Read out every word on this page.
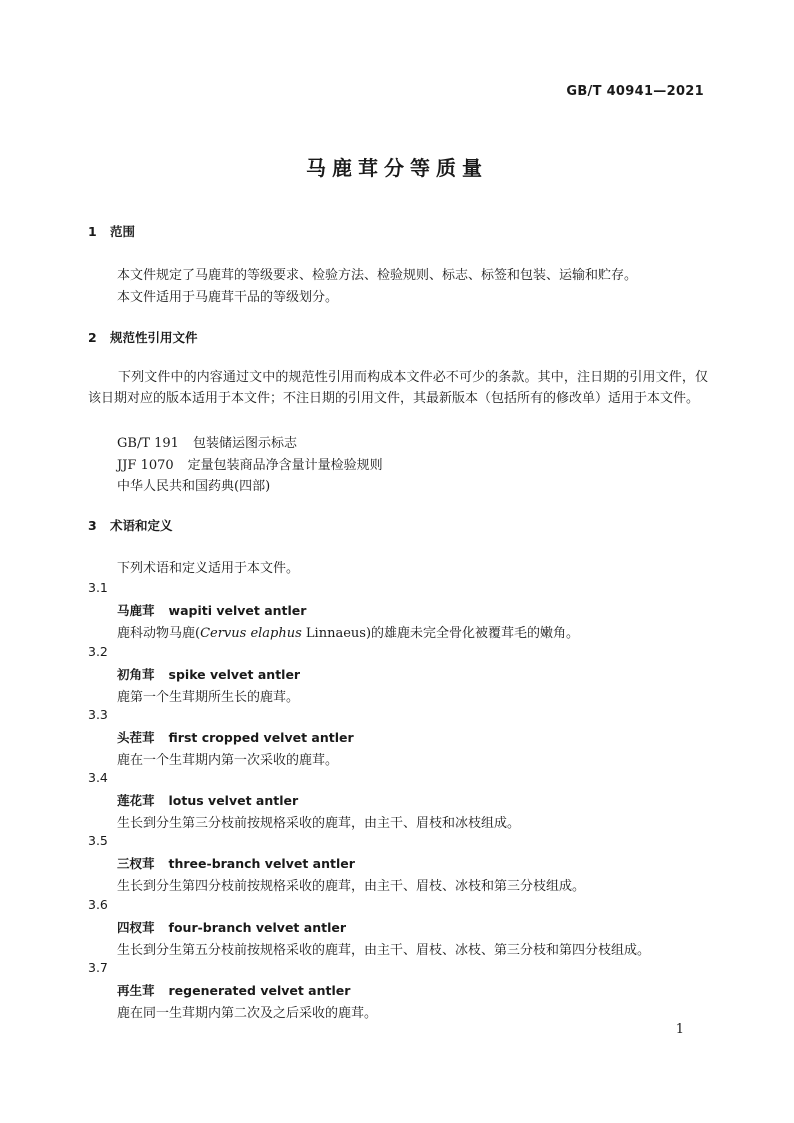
GB/T 40941—2021
马鹿茸分等质量
1 范围
本文件规定了马鹿茸的等级要求、检验方法、检验规则、标志、标签和包装、运输和贮存。
本文件适用于马鹿茸干品的等级划分。
2 规范性引用文件
下列文件中的内容通过文中的规范性引用而构成本文件必不可少的条款。其中，注日期的引用文件，仅该日期对应的版本适用于本文件；不注日期的引用文件，其最新版本（包括所有的修改单）适用于本文件。
GB/T 191 包装储运图示标志
JJF 1070 定量包装商品净含量计量检验规则
中华人民共和国药典(四部)
3 术语和定义
下列术语和定义适用于本文件。
3.1
马鹿茸 wapiti velvet antler
鹿科动物马鹿(Cervus elaphus Linnaeus)的雄鹿未完全骨化被覆茸毛的嫩角。
3.2
初角茸 spike velvet antler
鹿第一个生茸期所生长的鹿茸。
3.3
头茬茸 first cropped velvet antler
鹿在一个生茸期内第一次采收的鹿茸。
3.4
莲花茸 lotus velvet antler
生长到分生第三分枝前按规格采收的鹿茸，由主干、眉枝和冰枝组成。
3.5
三杈茸 three-branch velvet antler
生长到分生第四分枝前按规格采收的鹿茸，由主干、眉枝、冰枝和第三分枝组成。
3.6
四杈茸 four-branch velvet antler
生长到分生第五分枝前按规格采收的鹿茸，由主干、眉枝、冰枝、第三分枝和第四分枝组成。
3.7
再生茸 regenerated velvet antler
鹿在同一生茸期内第二次及之后采收的鹿茸。
1
